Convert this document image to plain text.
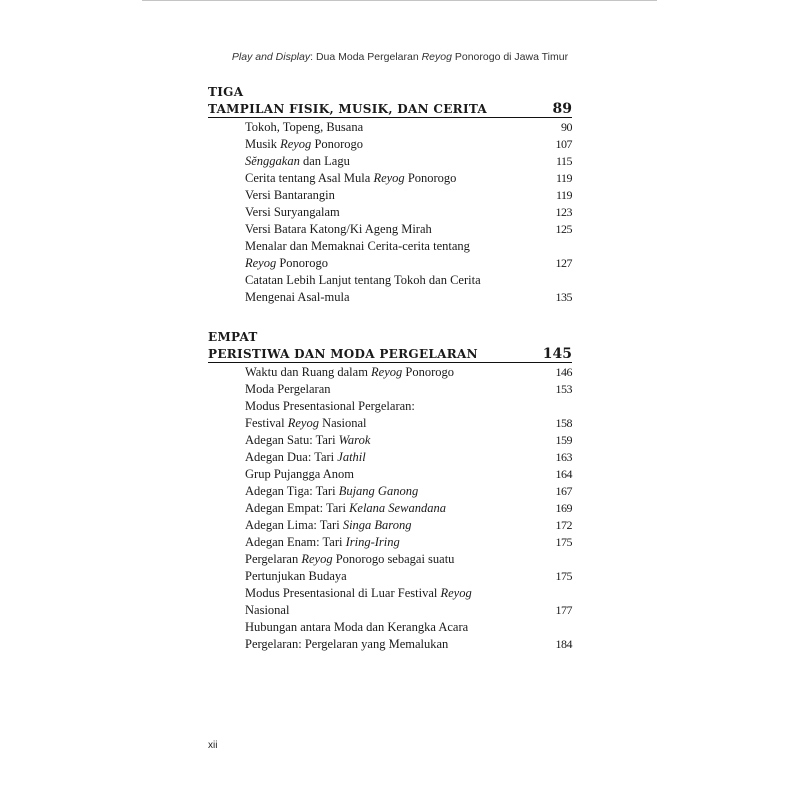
Play and Display: Dua Moda Pergelaran Reyog Ponorogo di Jawa Timur
TIGA
TAMPILAN FISIK, MUSIK, DAN CERITA	89
Tokoh, Topeng, Busana	90
Musik Reyog Ponorogo	107
Sĕnggakan dan Lagu	115
Cerita tentang Asal Mula Reyog Ponorogo	119
Versi Bantarangin	119
Versi Suryangalam	123
Versi Batara Katong/Ki Ageng Mirah	125
Menalar dan Memaknai Cerita-cerita tentang
Reyog Ponorogo	127
Catatan Lebih Lanjut tentang Tokoh dan Cerita
Mengenai Asal-mula	135
EMPAT
PERISTIWA DAN MODA PERGELARAN	145
Waktu dan Ruang dalam Reyog Ponorogo	146
Moda Pergelaran	153
Modus Presentasional Pergelaran:
Festival Reyog Nasional	158
Adegan Satu: Tari Warok	159
Adegan Dua: Tari Jathil	163
Grup Pujangga Anom	164
Adegan Tiga: Tari Bujang Ganong	167
Adegan Empat: Tari Kelana Sewandana	169
Adegan Lima: Tari Singa Barong	172
Adegan Enam: Tari Iring-Iring	175
Pergelaran Reyog Ponorogo sebagai suatu
Pertunjukan Budaya	175
Modus Presentasional di Luar Festival Reyog
Nasional	177
Hubungan antara Moda dan Kerangka Acara
Pergelaran: Pergelaran yang Memalukan	184
xii
